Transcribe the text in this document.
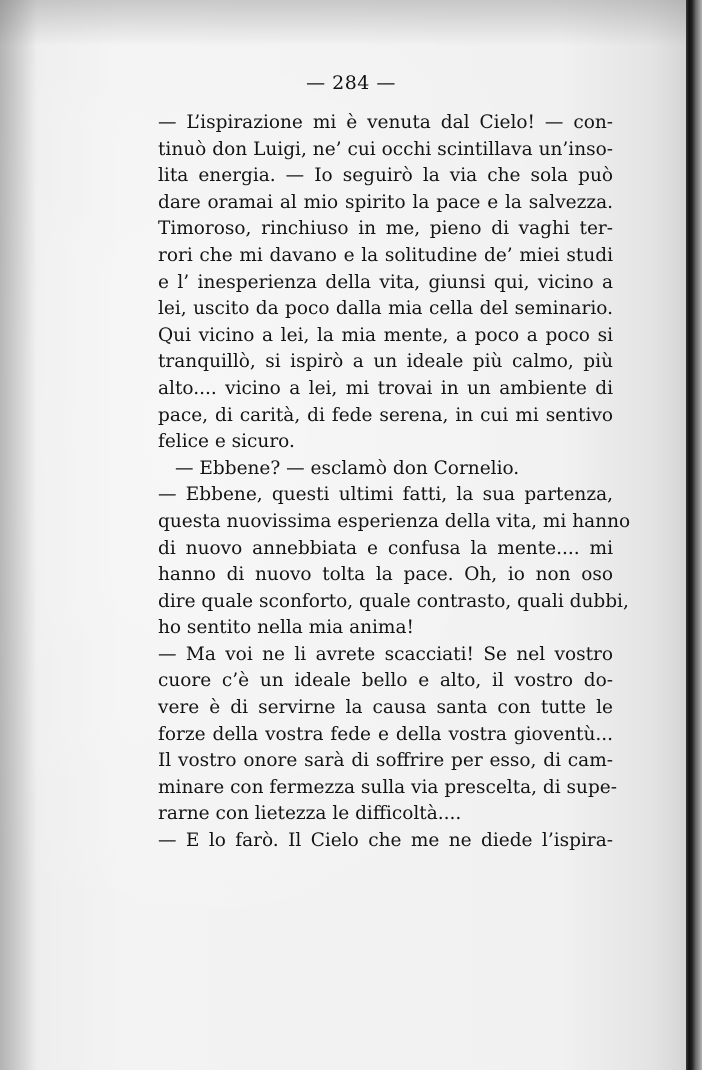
— 284 —
— L’ispirazione mi è venuta dal Cielo! — con-
tinuò don Luigi, ne’ cui occhi scintillava un’inso-
lita energia. — Io seguirò la via che sola può
dare oramai al mio spirito la pace e la salvezza.
Timoroso, rinchiuso in me, pieno di vaghi ter-
rori che mi davano e la solitudine de’ miei studi
e l’ inesperienza della vita, giunsi qui, vicino a
lei, uscito da poco dalla mia cella del seminario.
Qui vicino a lei, la mia mente, a poco a poco si
tranquillò, si ispirò a un ideale più calmo, più
alto.... vicino a lei, mi trovai in un ambiente di
pace, di carità, di fede serena, in cui mi sentivo
felice e sicuro.
— Ebbene? — esclamò don Cornelio.
— Ebbene, questi ultimi fatti, la sua partenza,
questa nuovissima esperienza della vita, mi hanno
di nuovo annebbiata e confusa la mente.... mi
hanno di nuovo tolta la pace. Oh, io non oso
dire quale sconforto, quale contrasto, quali dubbi,
ho sentito nella mia anima!
— Ma voi ne li avrete scacciati! Se nel vostro
cuore c’è un ideale bello e alto, il vostro do-
vere è di servirne la causa santa con tutte le
forze della vostra fede e della vostra gioventù...
Il vostro onore sarà di soffrire per esso, di cam-
minare con fermezza sulla via prescelta, di supe-
rarne con lietezza le difficoltà....
— E lo farò. Il Cielo che me ne diede l’ispira-
